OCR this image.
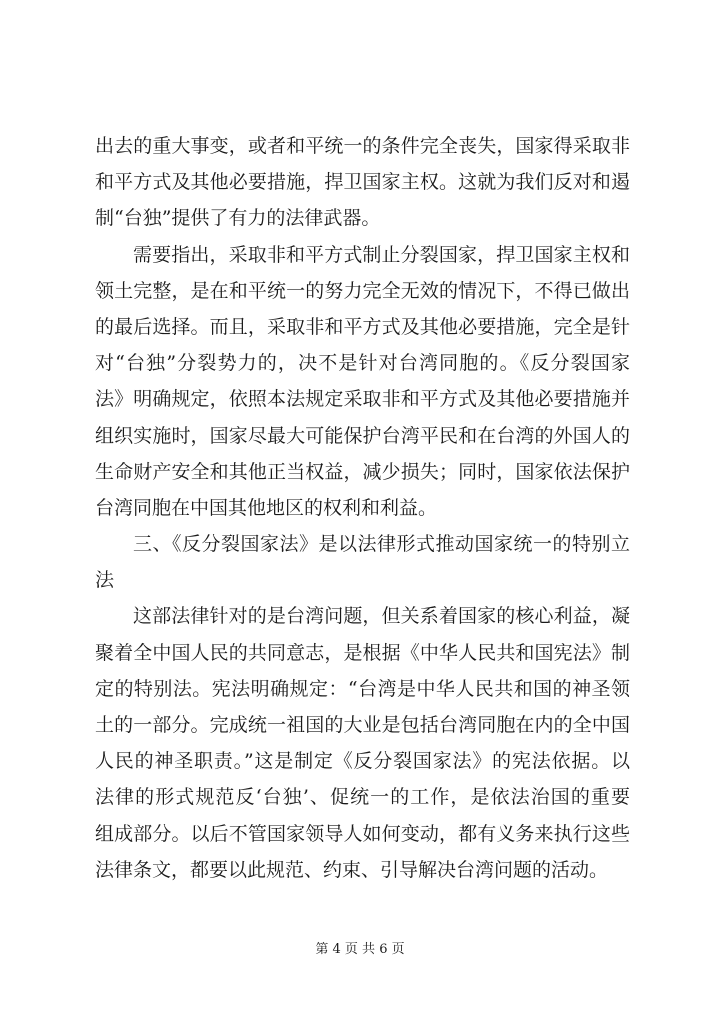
出去的重大事变，或者和平统一的条件完全丧失，国家得采取非
和平方式及其他必要措施，捍卫国家主权。这就为我们反对和遏
制“台独”提供了有力的法律武器。
需要指出，采取非和平方式制止分裂国家，捍卫国家主权和
领土完整，是在和平统一的努力完全无效的情况下，不得已做出
的最后选择。而且，采取非和平方式及其他必要措施，完全是针
对“台独”分裂势力的，决不是针对台湾同胞的。《反分裂国家
法》明确规定，依照本法规定采取非和平方式及其他必要措施并
组织实施时，国家尽最大可能保护台湾平民和在台湾的外国人的
生命财产安全和其他正当权益，减少损失；同时，国家依法保护
台湾同胞在中国其他地区的权利和利益。
三、《反分裂国家法》是以法律形式推动国家统一的特别立
法
这部法律针对的是台湾问题，但关系着国家的核心利益，凝
聚着全中国人民的共同意志，是根据《中华人民共和国宪法》制
定的特别法。宪法明确规定：“台湾是中华人民共和国的神圣领
土的一部分。完成统一祖国的大业是包括台湾同胞在内的全中国
人民的神圣职责。”这是制定《反分裂国家法》的宪法依据。以
法律的形式规范反‘台独’、促统一的工作，是依法治国的重要
组成部分。以后不管国家领导人如何变动，都有义务来执行这些
法律条文，都要以此规范、约束、引导解决台湾问题的活动。
第 4 页 共 6 页
